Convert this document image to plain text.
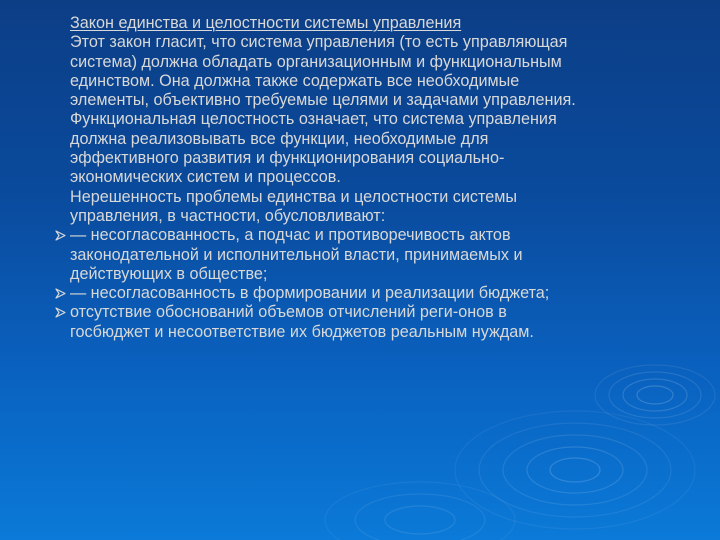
Закон единства и целостности системы управления
Этот закон гласит, что система управления (то есть управляющая
система) должна обладать организационным и функциональным
единством. Она должна также содержать все необходимые
элементы, объективно требуемые целями и задачами управления.
Функциональная целостность означает, что система управления
должна реализовывать все функции, необходимые для
эффективного развития и функционирования социально-
экономических систем и процессов.
Нерешенность проблемы единства и целостности системы
управления, в частности, обусловливают:
— несогласованность, а подчас и противоречивость актов
законодательной и исполнительной власти, принимаемых и
действующих в обществе;
— несогласованность в формировании и реализации бюджета;
отсутствие обоснований объемов отчислений реги-онов в
госбюджет и несоответствие их бюджетов реальным нуждам.
